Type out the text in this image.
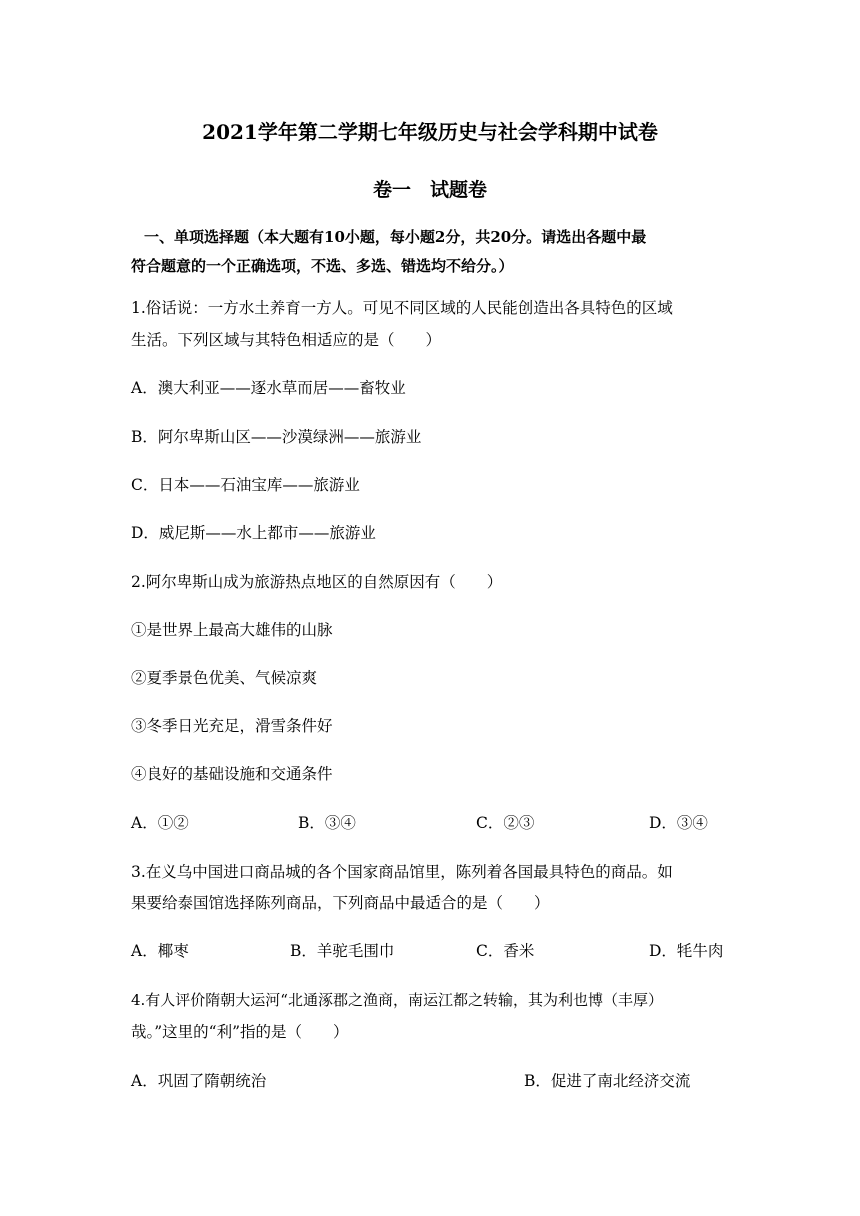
2021学年第二学期七年级历史与社会学科期中试卷
卷一　试题卷
一、单项选择题（本大题有10小题，每小题2分，共20分。请选出各题中最
符合题意的一个正确选项，不选、多选、错选均不给分。）
1.俗话说：一方水土养育一方人。可见不同区域的人民能创造出各具特色的区域
生活。下列区域与其特色相适应的是（　　）
A．澳大利亚——逐水草而居——畜牧业
B．阿尔卑斯山区——沙漠绿洲——旅游业
C．日本——石油宝库——旅游业
D．威尼斯——水上都市——旅游业
2.阿尔卑斯山成为旅游热点地区的自然原因有（　　）
①是世界上最高大雄伟的山脉
②夏季景色优美、气候凉爽
③冬季日光充足，滑雪条件好
④良好的基础设施和交通条件
A．①②	B．③④	C．②③	D．③④
3.在义乌中国进口商品城的各个国家商品馆里，陈列着各国最具特色的商品。如
果要给泰国馆选择陈列商品，下列商品中最适合的是（　　）
A．椰枣	B．羊驼毛围巾	C．香米	D．牦牛肉
4.有人评价隋朝大运河“北通涿郡之渔商，南运江都之转输，其为利也博（丰厚）
哉。”这里的“利”指的是（　　）
A．巩固了隋朝统治	B．促进了南北经济交流
